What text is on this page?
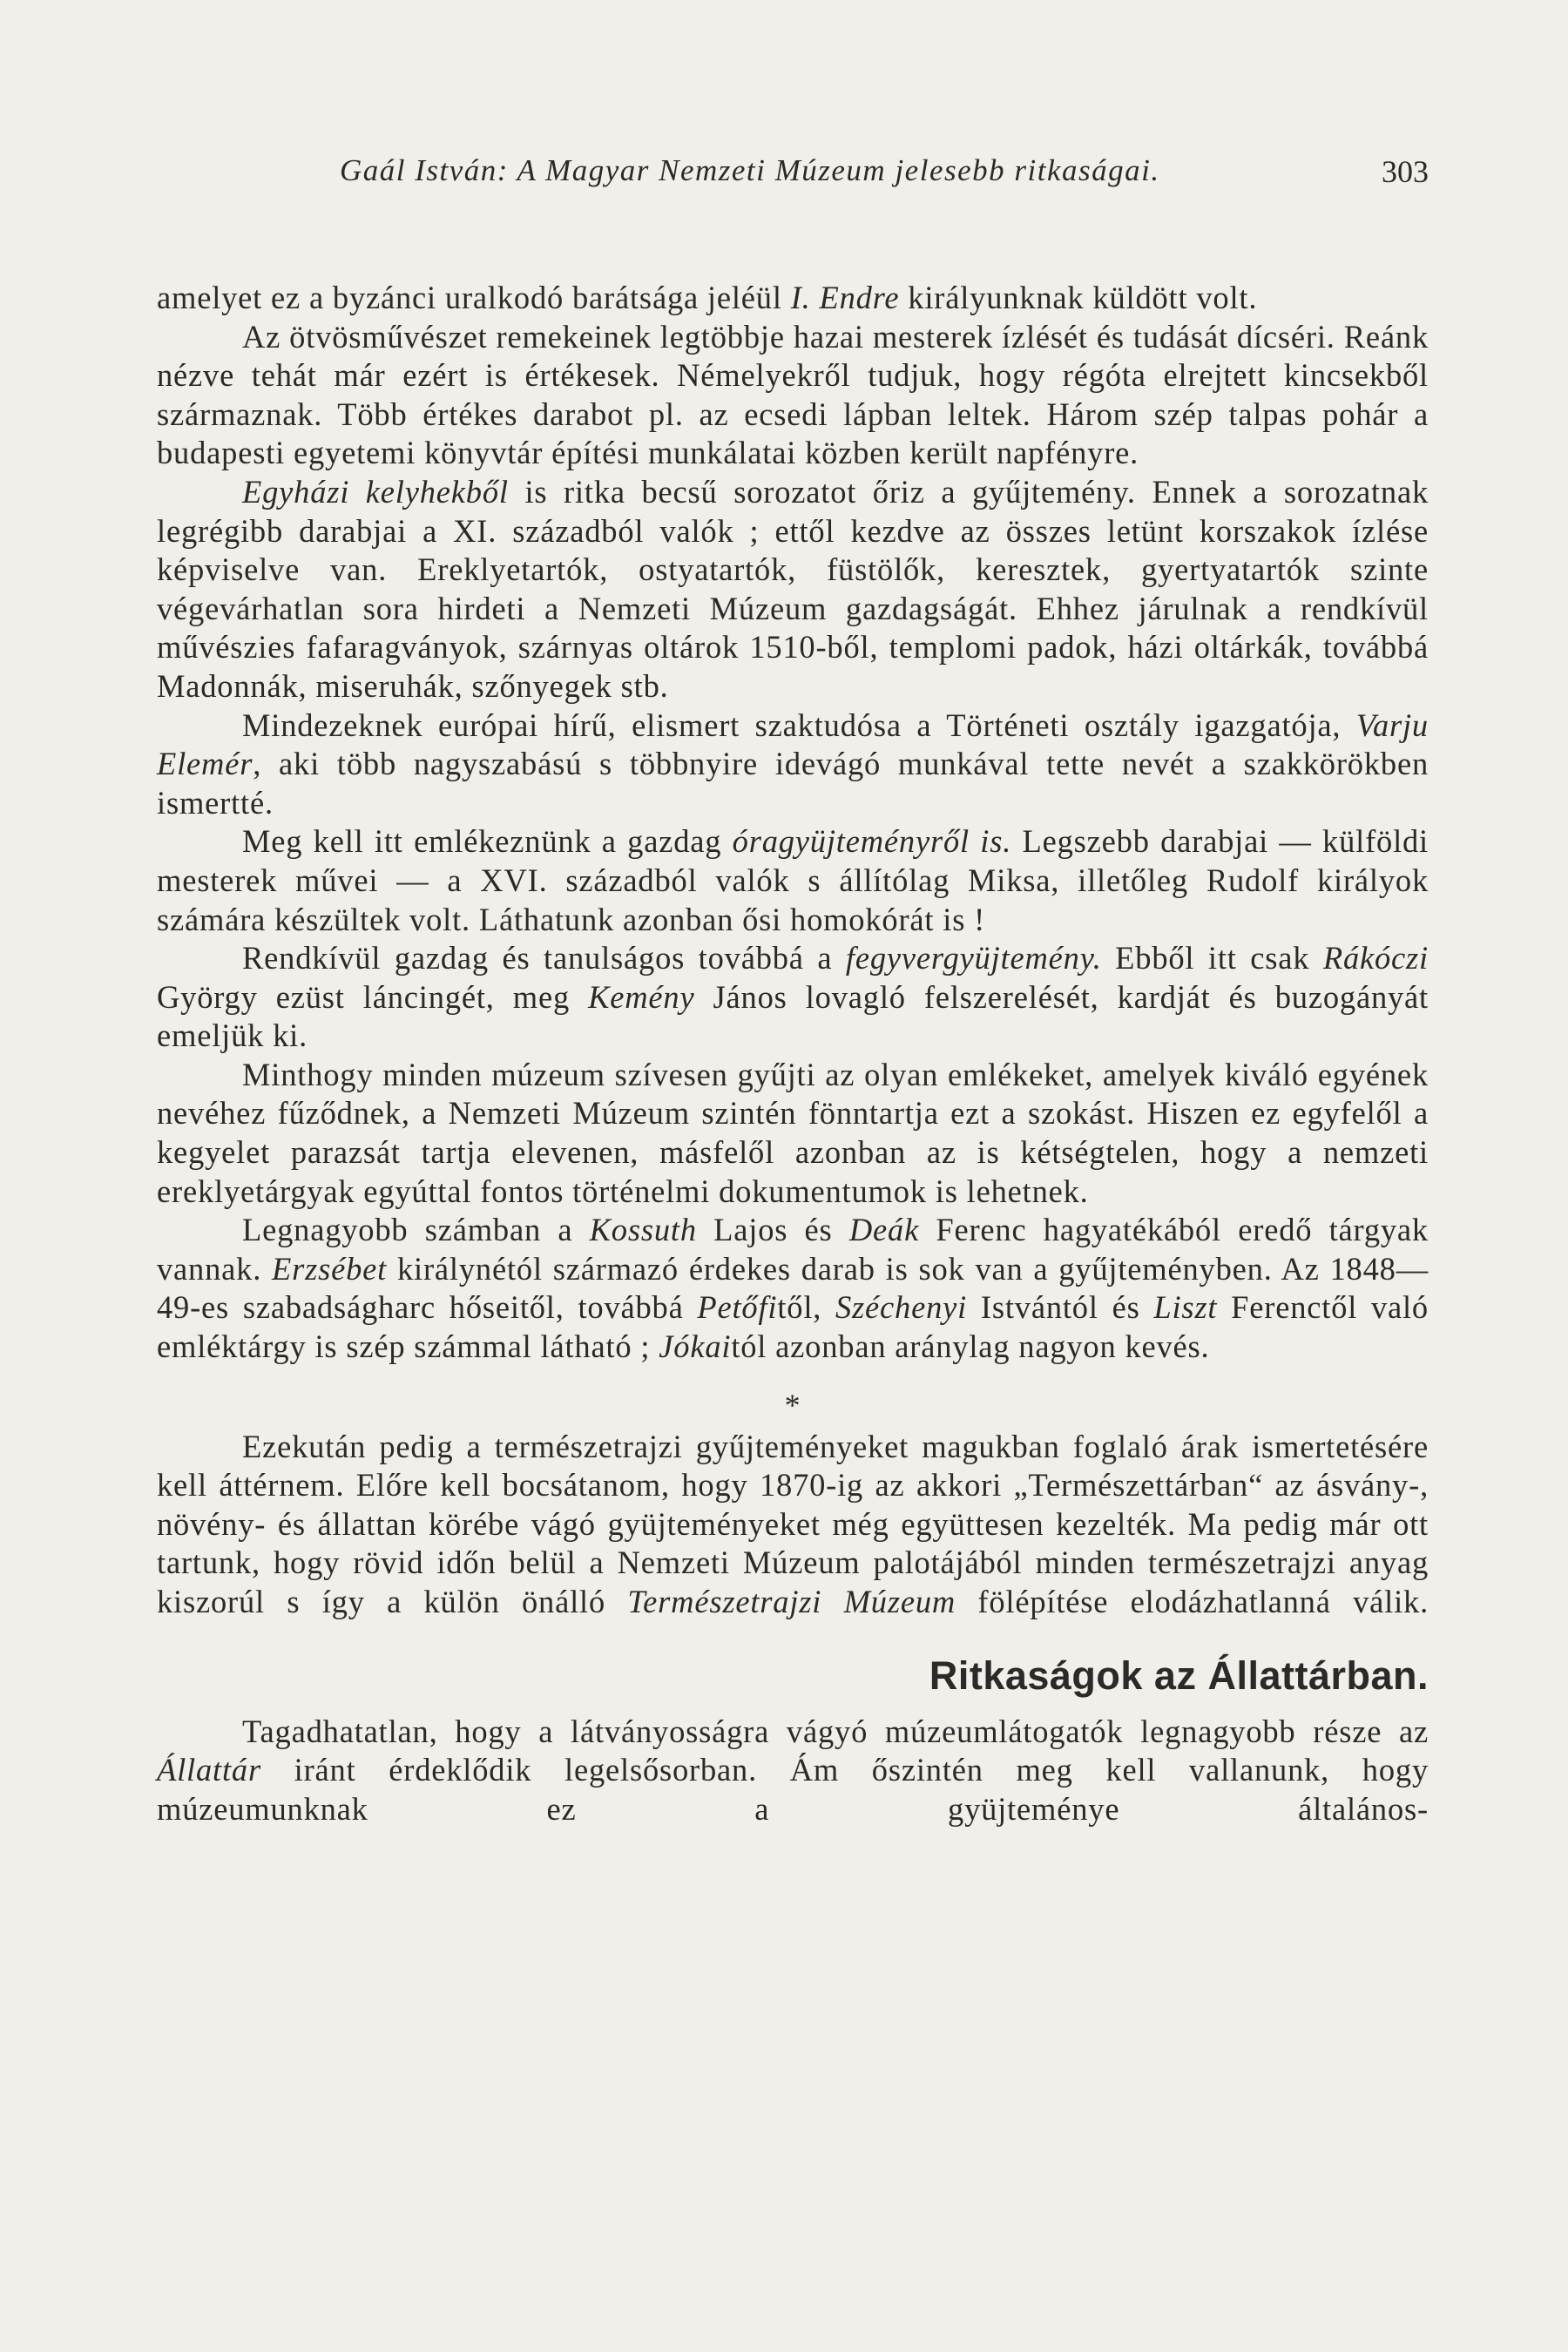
Gaál István: A Magyar Nemzeti Múzeum jelesebb ritkaságai.	303

amelyet ez a byzánci uralkodó barátsága jeléül I. Endre királyunknak küldött volt.

Az ötvösművészet remekeinek legtöbbje hazai mesterek ízlését és tudását dícséri. Reánk nézve tehát már ezért is értékesek. Némelyekről tudjuk, hogy régóta elrejtett kincsekből származnak. Több értékes darabot pl. az ecsedi lápban leltek. Három szép talpas pohár a budapesti egyetemi könyvtár építési munkálatai közben került napfényre.

Egyházi kelyhekből is ritka becsű sorozatot őriz a gyűjtemény. Ennek a sorozatnak legrégibb darabjai a XI. századból valók ; ettől kezdve az összes letünt korszakok ízlése képviselve van. Ereklyetartók, ostyatartók, füstölők, keresztek, gyertyatartók szinte végevárhatlan sora hirdeti a Nemzeti Múzeum gazdagságát. Ehhez járulnak a rendkívül művészies fafaragványok, szárnyas oltárok 1510-ből, templomi padok, házi oltárkák, továbbá Madonnák, miseruhák, szőnyegek stb.

Mindezeknek európai hírű, elismert szaktudósa a Történeti osztály igazgatója, Varju Elemér, aki több nagyszabású s többnyire idevágó munkával tette nevét a szakkörökben ismertté.

Meg kell itt emlékeznünk a gazdag óragyüjteményről is. Legszebb darabjai — külföldi mesterek művei — a XVI. századból valók s állítólag Miksa, illetőleg Rudolf királyok számára készültek volt. Láthatunk azonban ősi homokórát is !

Rendkívül gazdag és tanulságos továbbá a fegyvergyüjtemény. Ebből itt csak Rákóczi György ezüst láncingét, meg Kemény János lovagló felszerelését, kardját és buzogányát emeljük ki.

Minthogy minden múzeum szívesen gyűjti az olyan emlékeket, amelyek kiváló egyének nevéhez fűződnek, a Nemzeti Múzeum szintén fönntartja ezt a szokást. Hiszen ez egyfelől a kegyelet parazsát tartja elevenen, másfelől azonban az is kétségtelen, hogy a nemzeti ereklyetárgyak egyúttal fontos történelmi dokumentumok is lehetnek.

Legnagyobb számban a Kossuth Lajos és Deák Ferenc hagyatékából eredő tárgyak vannak. Erzsébet királynétól származó érdekes darab is sok van a gyűjteményben. Az 1848—49-es szabadságharc hőseitől, továbbá Petőfitől, Széchenyi Istvántól és Liszt Ferenctől való emléktárgy is szép számmal látható ; Jókaitól azonban aránylag nagyon kevés.

*

Ezekután pedig a természetrajzi gyűjteményeket magukban foglaló árak ismertetésére kell áttérnem. Előre kell bocsátanom, hogy 1870-ig az akkori „Természettárban“ az ásvány-, növény- és állattan körébe vágó gyüjteményeket még együttesen kezelték. Ma pedig már ott tartunk, hogy rövid időn belül a Nemzeti Múzeum palotájából minden természetrajzi anyag kiszorúl s így a külön önálló Természetrajzi Múzeum fölépítése elodázhatlanná válik.

Ritkaságok az Állattárban.

Tagadhatatlan, hogy a látványosságra vágyó múzeumlátogatók legnagyobb része az Állattár iránt érdeklődik legelsősorban. Ám őszintén meg kell vallanunk, hogy múzeumunknak ez a gyüjteménye általános-
